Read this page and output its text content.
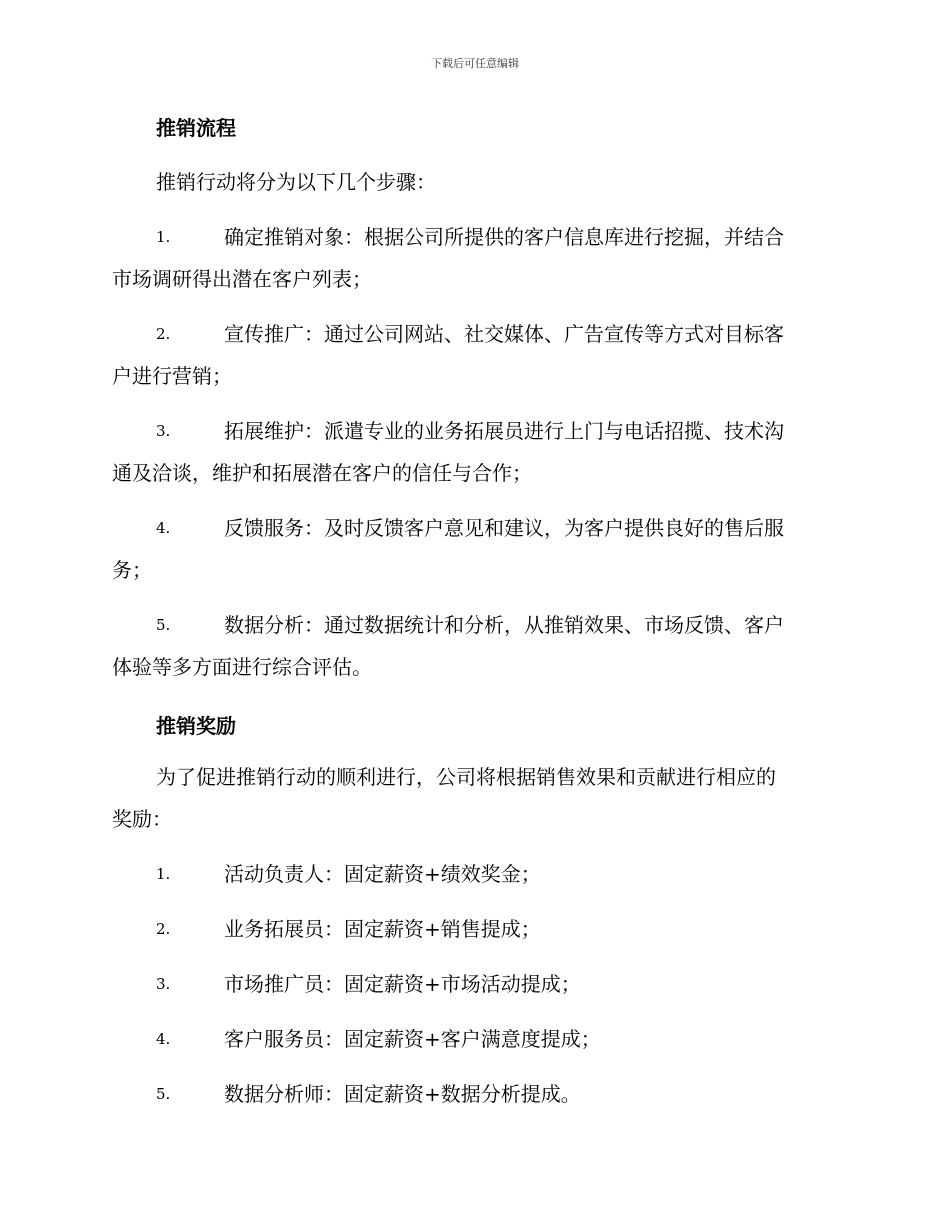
下载后可任意编辑
推销流程
推销行动将分为以下几个步骤：
1.	确定推销对象：根据公司所提供的客户信息库进行挖掘，并结合
市场调研得出潜在客户列表；
2.	宣传推广：通过公司网站、社交媒体、广告宣传等方式对目标客
户进行营销；
3.	拓展维护：派遣专业的业务拓展员进行上门与电话招揽、技术沟
通及洽谈，维护和拓展潜在客户的信任与合作；
4.	反馈服务：及时反馈客户意见和建议，为客户提供良好的售后服
务；
5.	数据分析：通过数据统计和分析，从推销效果、市场反馈、客户
体验等多方面进行综合评估。
推销奖励
为了促进推销行动的顺利进行，公司将根据销售效果和贡献进行相应的
奖励：
1.	活动负责人：固定薪资+绩效奖金；
2.	业务拓展员：固定薪资+销售提成；
3.	市场推广员：固定薪资+市场活动提成；
4.	客户服务员：固定薪资+客户满意度提成；
5.	数据分析师：固定薪资+数据分析提成。
